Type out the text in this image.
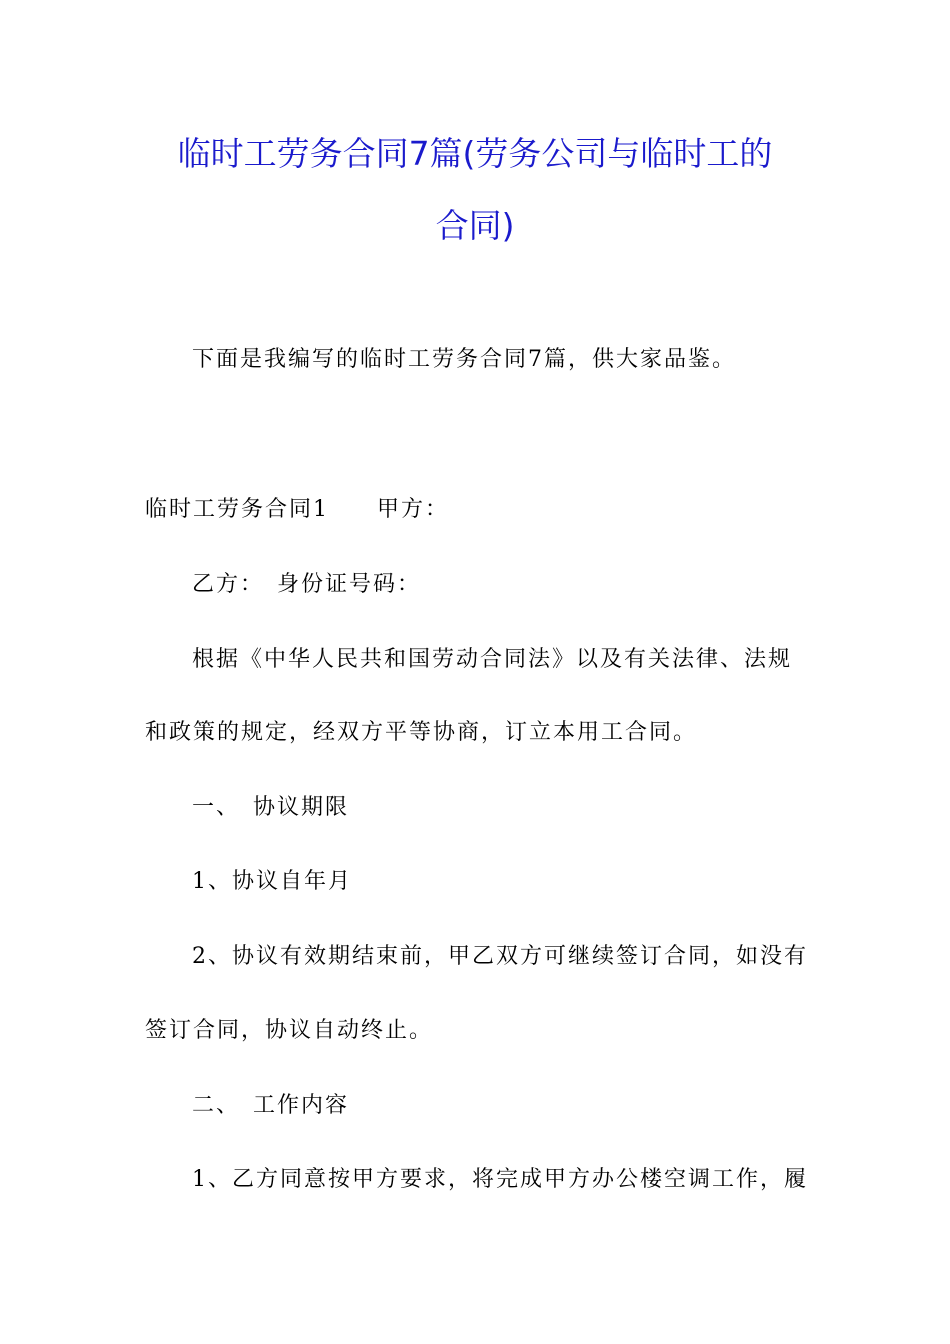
临时工劳务合同7篇(劳务公司与临时工的
合同)
下面是我编写的临时工劳务合同7篇，供大家品鉴。
临时工劳务合同1　　甲方：
乙方：　身份证号码：
根据《中华人民共和国劳动合同法》以及有关法律、法规
和政策的规定，经双方平等协商，订立本用工合同。
一、　协议期限
1、协议自年月
2、协议有效期结束前，甲乙双方可继续签订合同，如没有
签订合同，协议自动终止。
二、　工作内容
1、乙方同意按甲方要求，将完成甲方办公楼空调工作，履
